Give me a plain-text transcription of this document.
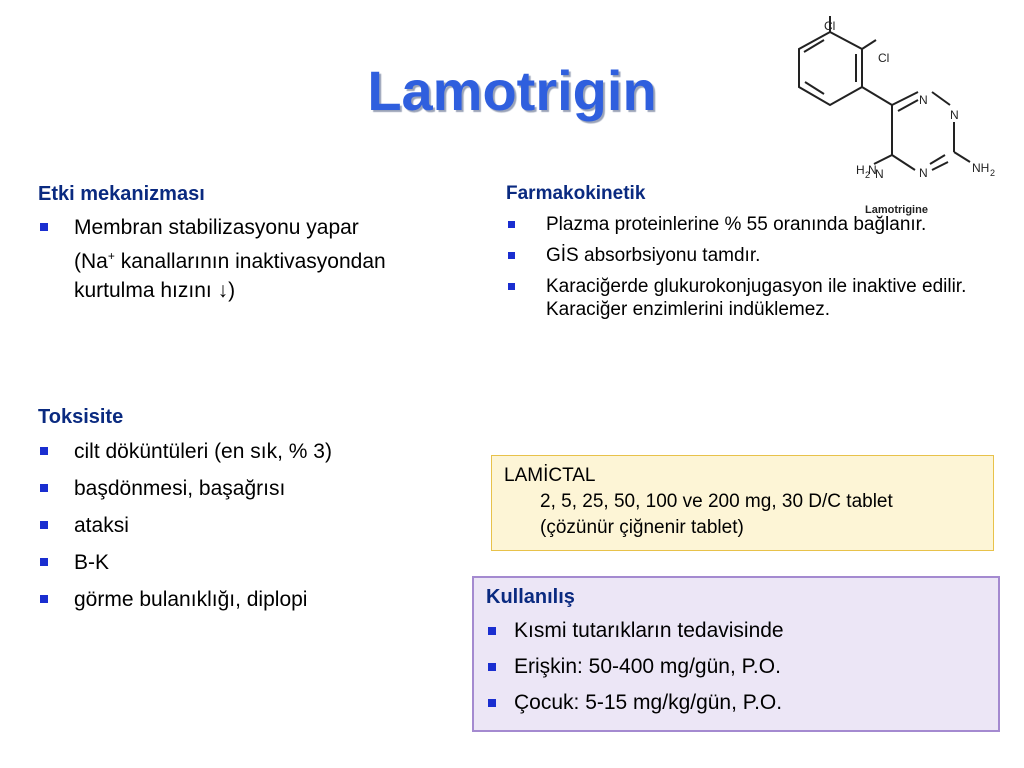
Lamotrigin
Cl
Cl
N
N
N
N	NH 2
H 2 N
Lamotrigine
Etki mekanizması
Membran stabilizasyonu yapar
(Na+ kanallarının inaktivasyondan
kurtulma hızını ↓)
Farmakokinetik
Plazma proteinlerine % 55 oranında bağlanır.
GİS absorbsiyonu tamdır.
Karaciğerde glukurokonjugasyon ile inaktive edilir. Karaciğer enzimlerini indüklemez.
Toksisite
cilt döküntüleri (en sık, % 3)
başdönmesi, başağrısı
ataksi
B-K
görme bulanıklığı, diplopi
LAMİCTAL
2, 5, 25, 50, 100 ve 200 mg, 30 D/C tablet
(çözünür çiğnenir tablet)
Kullanılış
Kısmi tutarıkların tedavisinde
Erişkin: 50-400 mg/gün, P.O.
Çocuk: 5-15 mg/kg/gün, P.O.
